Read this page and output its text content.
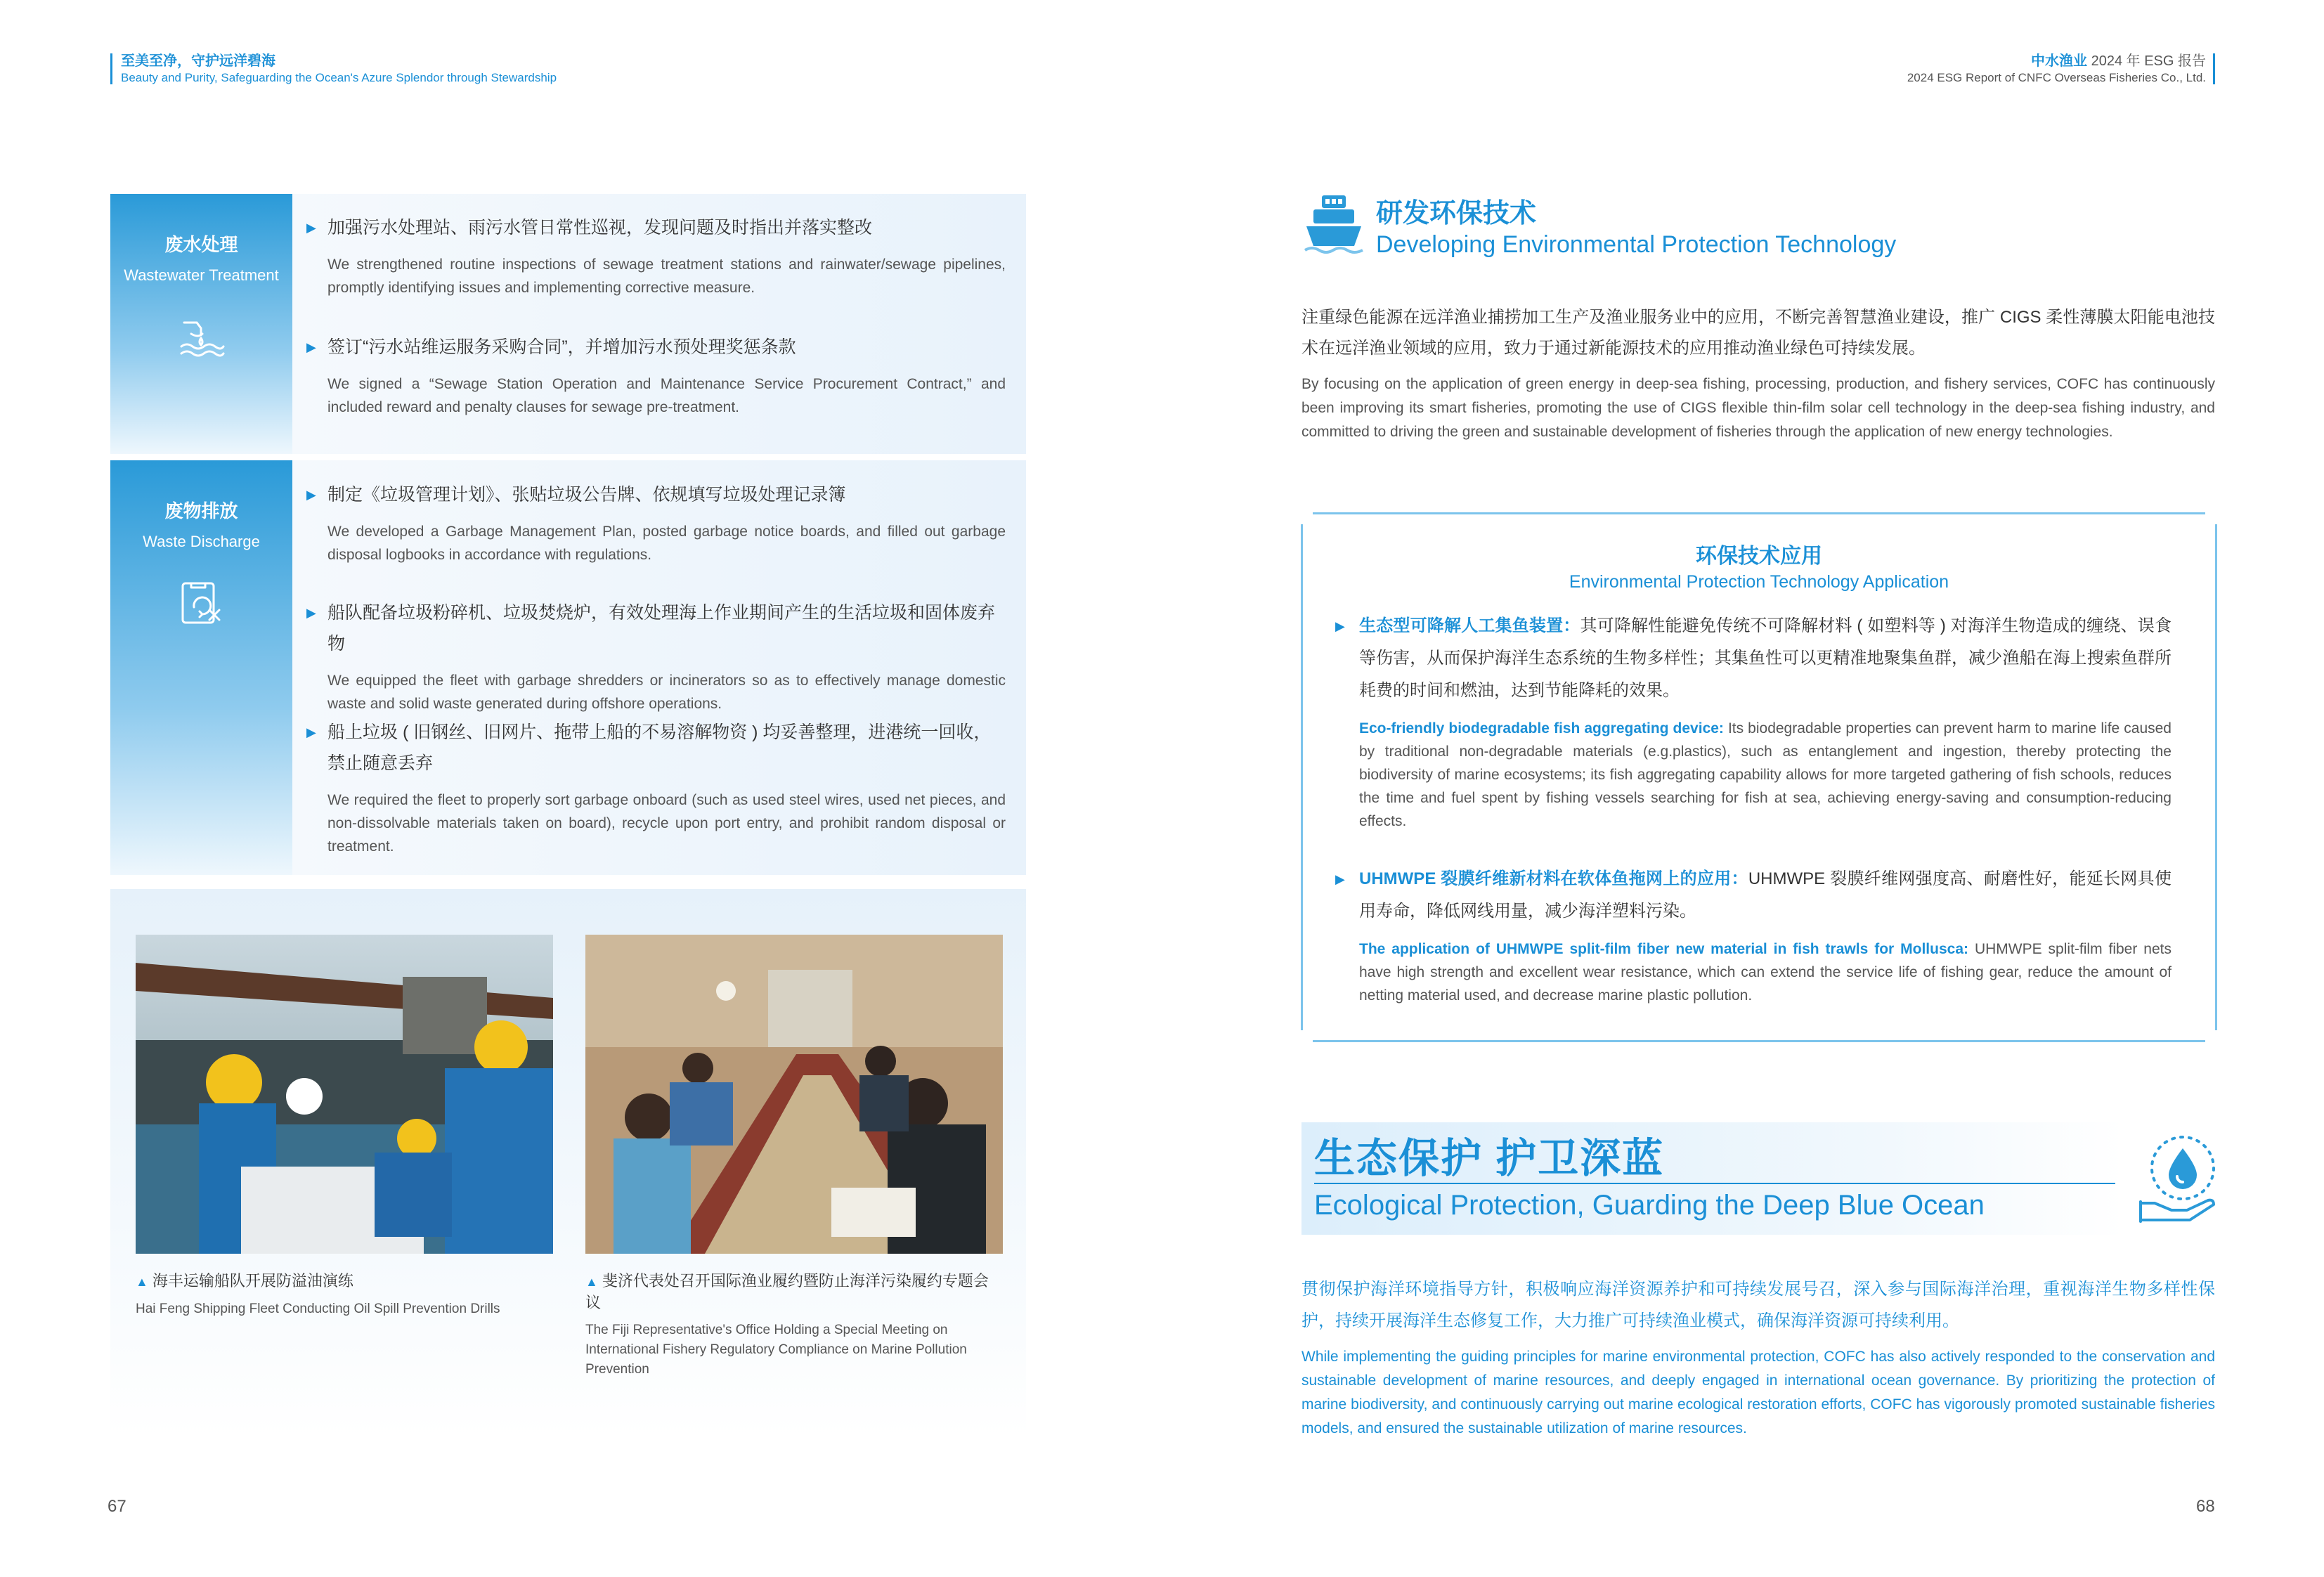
至美至净，守护远洋碧海
Beauty and Purity, Safeguarding the Ocean's Azure Splendor through Stewardship
中水渔业 2024 年 ESG 报告
2024 ESG Report of CNFC Overseas Fisheries Co., Ltd.
废水处理
Wastewater Treatment
▶ 加强污水处理站、雨污水管日常性巡视，发现问题及时指出并落实整改
We strengthened routine inspections of sewage treatment stations and rainwater/sewage pipelines, promptly identifying issues and implementing corrective measure.
▶ 签订“污水站维运服务采购合同”，并增加污水预处理奖惩条款
We signed a “Sewage Station Operation and Maintenance Service Procurement Contract,” and included reward and penalty clauses for sewage pre-treatment.
废物排放
Waste Discharge
▶ 制定《垃圾管理计划》、张贴垃圾公告牌、依规填写垃圾处理记录簿
We developed a Garbage Management Plan, posted garbage notice boards, and filled out garbage disposal logbooks in accordance with regulations.
▶ 船队配备垃圾粉碎机、垃圾焚烧炉，有效处理海上作业期间产生的生活垃圾和固体废弃物
We equipped the fleet with garbage shredders or incinerators so as to effectively manage domestic waste and solid waste generated during offshore operations.
▶ 船上垃圾 ( 旧钢丝、旧网片、拖带上船的不易溶解物资 ) 均妥善整理，进港统一回收，禁止随意丢弃
We required the fleet to properly sort garbage onboard (such as used steel wires, used net pieces, and non-dissolvable materials taken on board), recycle upon port entry, and prohibit random disposal or treatment.
▲ 海丰运输船队开展防溢油演练
Hai Feng Shipping Fleet Conducting Oil Spill Prevention Drills
▲ 斐济代表处召开国际渔业履约暨防止海洋污染履约专题会议
The Fiji Representative's Office Holding a Special Meeting on International Fishery Regulatory Compliance on Marine Pollution Prevention
67
研发环保技术
Developing Environmental Protection Technology
注重绿色能源在远洋渔业捕捞加工生产及渔业服务业中的应用，不断完善智慧渔业建设，推广 CIGS 柔性薄膜太阳能电池技术在远洋渔业领域的应用，致力于通过新能源技术的应用推动渔业绿色可持续发展。
By focusing on the application of green energy in deep-sea fishing, processing, production, and fishery services, COFC has continuously been improving its smart fisheries, promoting the use of CIGS flexible thin-film solar cell technology in the deep-sea fishing industry, and committed to driving the green and sustainable development of fisheries through the application of new energy technologies.
环保技术应用
Environmental Protection Technology Application
▶ 生态型可降解人工集鱼装置：其可降解性能避免传统不可降解材料 ( 如塑料等 ) 对海洋生物造成的缠绕、误食等伤害，从而保护海洋生态系统的生物多样性；其集鱼性可以更精准地聚集鱼群，减少渔船在海上搜索鱼群所耗费的时间和燃油，达到节能降耗的效果。
Eco-friendly biodegradable fish aggregating device: Its biodegradable properties can prevent harm to marine life caused by traditional non-degradable materials (e.g.plastics), such as entanglement and ingestion, thereby protecting the biodiversity of marine ecosystems; its fish aggregating capability allows for more targeted gathering of fish schools, reduces the time and fuel spent by fishing vessels searching for fish at sea, achieving energy-saving and consumption-reducing effects.
▶ UHMWPE 裂膜纤维新材料在软体鱼拖网上的应用：UHMWPE 裂膜纤维网强度高、耐磨性好，能延长网具使用寿命，降低网线用量，减少海洋塑料污染。
The application of UHMWPE split-film fiber new material in fish trawls for Mollusca: UHMWPE split-film fiber nets have high strength and excellent wear resistance, which can extend the service life of fishing gear, reduce the amount of netting material used, and decrease marine plastic pollution.
生态保护 护卫深蓝
Ecological Protection, Guarding the Deep Blue Ocean
贯彻保护海洋环境指导方针，积极响应海洋资源养护和可持续发展号召，深入参与国际海洋治理，重视海洋生物多样性保护，持续开展海洋生态修复工作，大力推广可持续渔业模式，确保海洋资源可持续利用。
While implementing the guiding principles for marine environmental protection, COFC has also actively responded to the conservation and sustainable development of marine resources, and deeply engaged in international ocean governance. By prioritizing the protection of marine biodiversity, and continuously carrying out marine ecological restoration efforts, COFC has vigorously promoted sustainable fisheries models, and ensured the sustainable utilization of marine resources.
68
